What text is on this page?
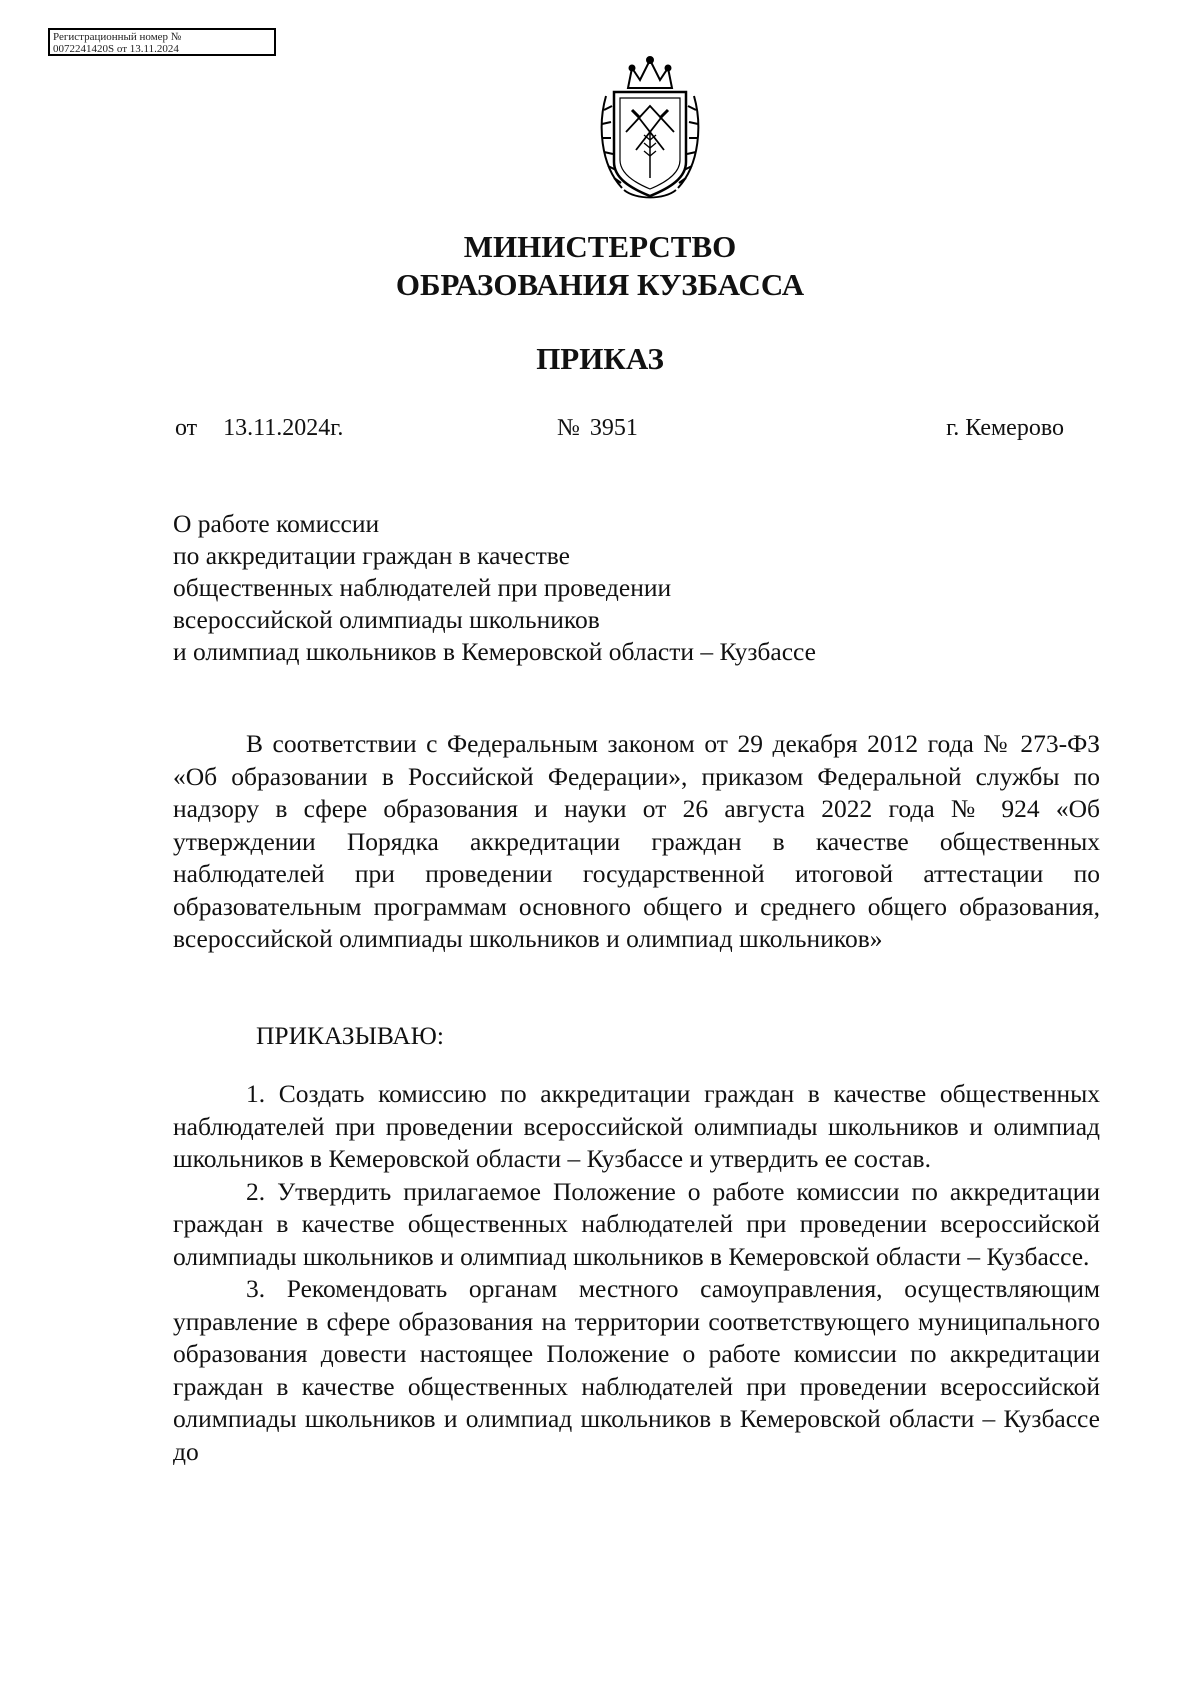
Регистрационный номер №
0072241420S от 13.11.2024
МИНИСТЕРСТВО
ОБРАЗОВАНИЯ КУЗБАССА
ПРИКАЗ
от 13.11.2024г.	№ 3951	г. Кемерово
О работе комиссии
по аккредитации граждан в качестве
общественных наблюдателей при проведении
всероссийской олимпиады школьников
и олимпиад школьников в Кемеровской области – Кузбассе

В соответствии с Федеральным законом от 29 декабря 2012 года № 273-ФЗ «Об образовании в Российской Федерации», приказом Федеральной службы по надзору в сфере образования и науки от 26 августа 2022 года № 924 «Об утверждении Порядка аккредитации граждан в качестве общественных наблюдателей при проведении государственной итоговой аттестации по образовательным программам основного общего и среднего общего образования, всероссийской олимпиады школьников и олимпиад школьников»

ПРИКАЗЫВАЮ:

1. Создать комиссию по аккредитации граждан в качестве общественных наблюдателей при проведении всероссийской олимпиады школьников и олимпиад школьников в Кемеровской области – Кузбассе и утвердить ее состав.

2. Утвердить прилагаемое Положение о работе комиссии по аккредитации граждан в качестве общественных наблюдателей при проведении всероссийской олимпиады школьников и олимпиад школьников в Кемеровской области – Кузбассе.

3. Рекомендовать органам местного самоуправления, осуществляющим управление в сфере образования на территории соответствующего муниципального образования довести настоящее Положение о работе комиссии по аккредитации граждан в качестве общественных наблюдателей при проведении всероссийской олимпиады школьников и олимпиад школьников в Кемеровской области – Кузбассе до
